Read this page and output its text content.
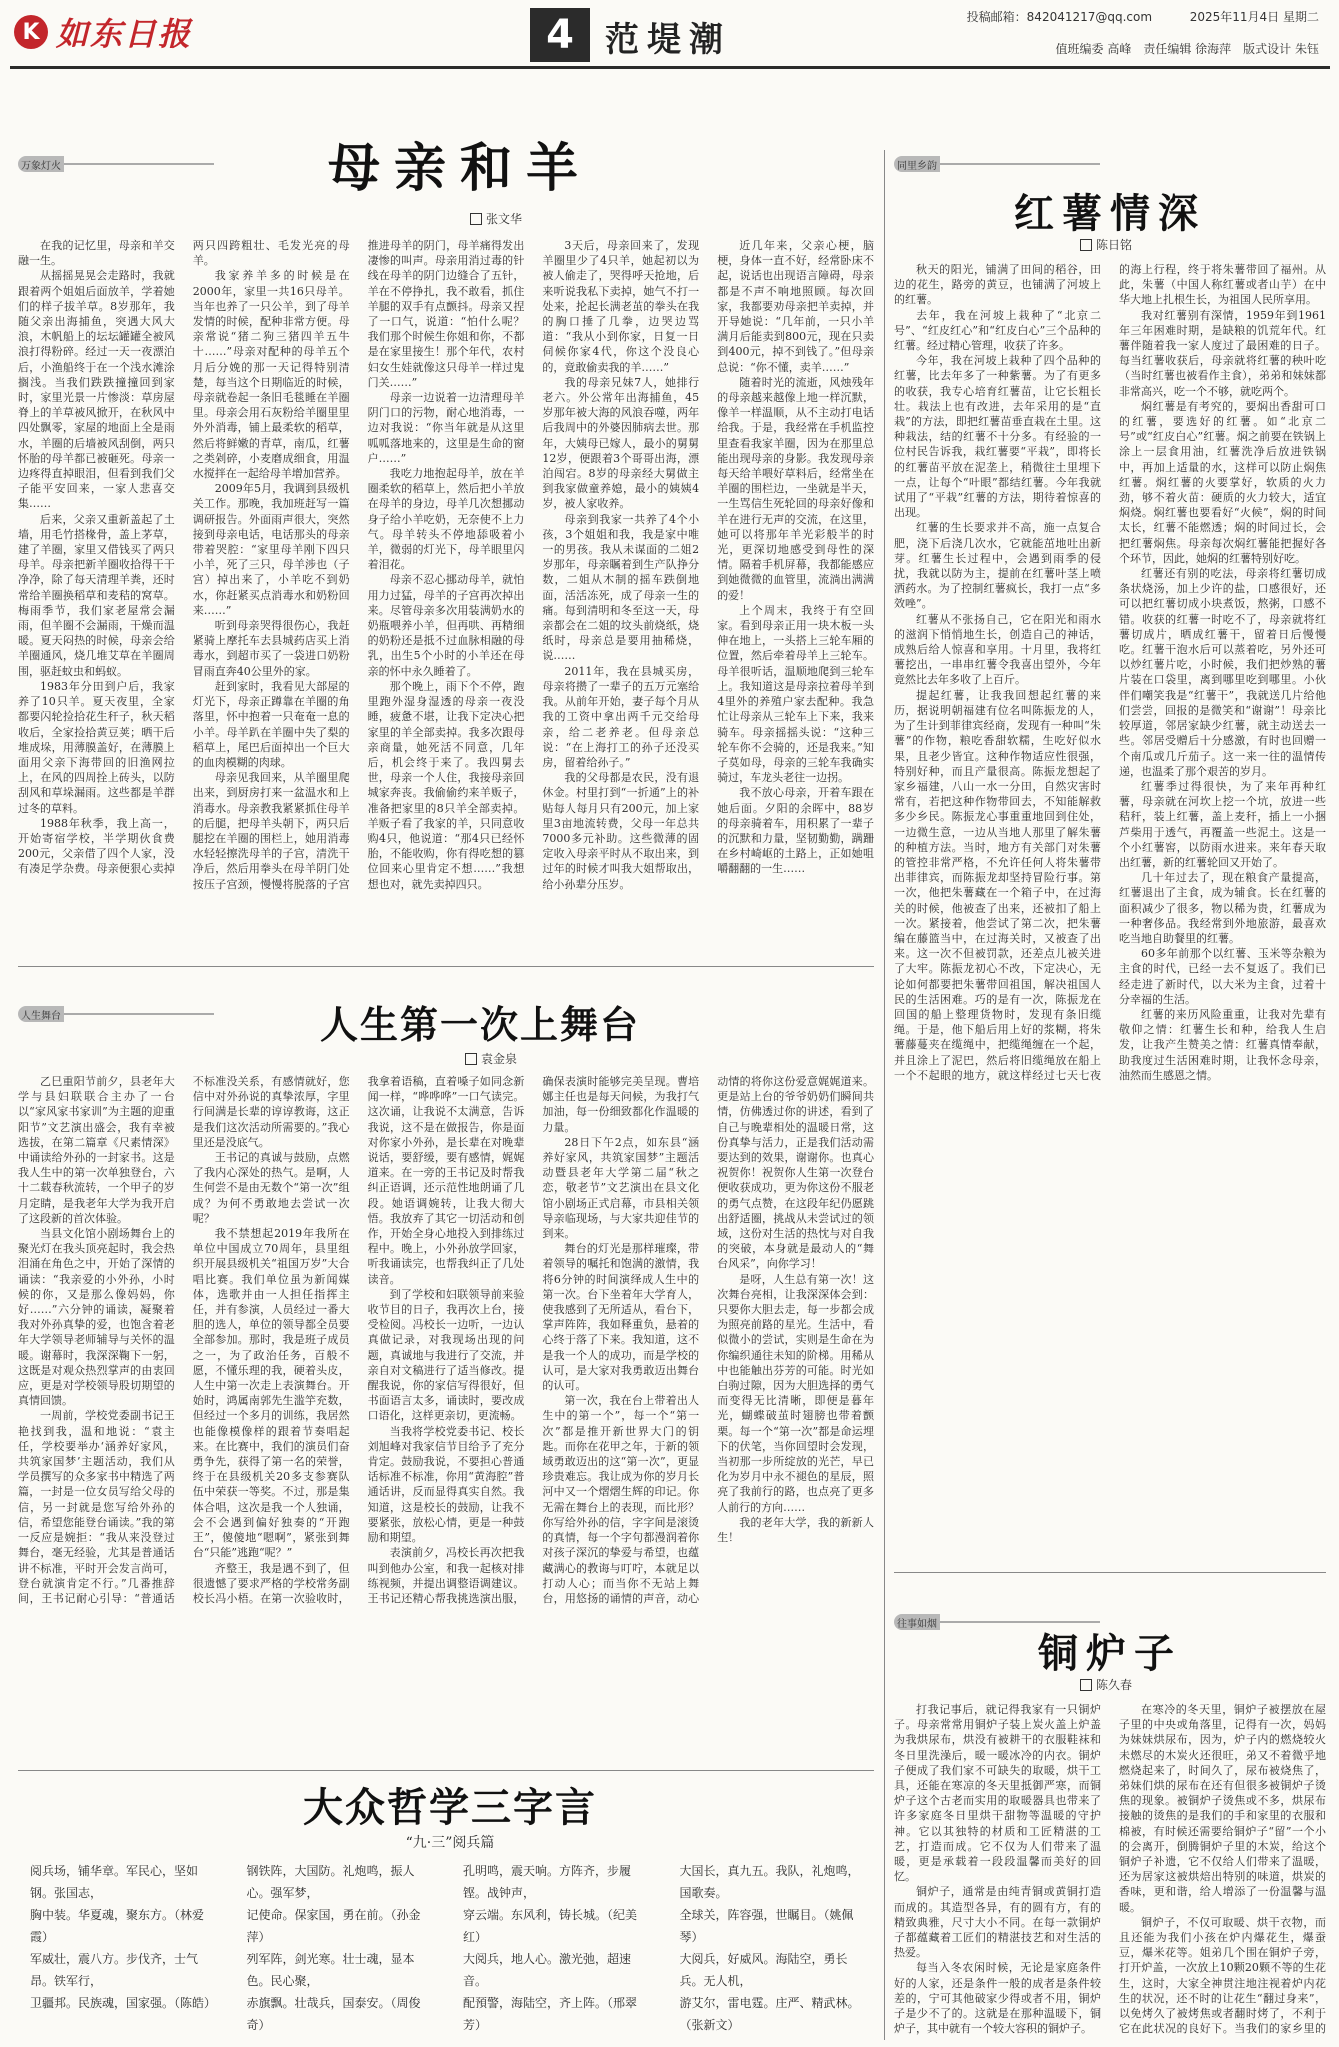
K 如东日报	4 范堤潮
投稿邮箱：842041217@qq.com	2025年11月4日 星期二
值班编委 高峰　责任编辑 徐海萍　版式设计 朱钰
万象灯火	母亲和羊
张文华

在我的记忆里，母亲和羊交融一生。

从摇摇晃晃会走路时，我就跟着两个姐姐后面放羊，学着她们的样子拔羊草。8岁那年，我随父亲出海捕鱼，突遇大风大浪，木帆船上的坛坛罐罐全被风浪打得粉碎。经过一天一夜漂泊后，小渔船终于在一个浅水滩涂搁浅。当我们跌跌撞撞回到家时，家里光景一片惨淡：草房屋脊上的羊草被风掀开，在秋风中四处飘零，家屋的地面上全是雨水，羊圈的后墙被风刮倒，两只怀胎的母羊都已被砸死。母亲一边疼得直掉眼泪，但看到我们父子能平安回来，一家人悲喜交集……

后来，父亲又重新盖起了土墙，用毛竹搭椽骨，盖上茅草，建了羊圈，家里又借钱买了两只母羊。母亲把新羊圈收拾得干干净净，除了每天清理羊粪，还时常给羊圈换稻草和麦秸的窝草。梅雨季节，我们家老屋常会漏雨，但羊圈不会漏雨，干燥而温暖。夏天闷热的时候，母亲会给羊圈通风，烧几堆艾草在羊圈周围，驱赶蚊虫和蚂蚁。

1983年分田到户后，我家养了10只羊。夏天夜里，全家都要闪轮捡拾花生秆子，秋天稻收后，全家捡拾黄豆荚；晒干后堆成垛，用薄膜盖好，在薄膜上面用父亲下海带回的旧渔网拉上，在风的四周拴上砖头，以防刮风和草垛漏雨。这些都是羊群过冬的草料。

1988年秋季，我上高一，开始寄宿学校，半学期伙食费200元，父亲借了四个人家，没有凑足学杂费。母亲便狠心卖掉两只四跨粗壮、毛发光亮的母羊。

我家养羊多的时候是在2000年，家里一共16只母羊。当年也养了一只公羊，到了母羊发情的时候，配种非常方便。母亲常说“猪二狗三猪四羊五牛十……”母亲对配种的母羊五个月后分娩的那一天记得特别清楚，每当这个日期临近的时候，母亲就卷起一条旧毛毯睡在羊圈里。母亲会用石灰粉给羊圈里里外外消毒，铺上最柔软的稻草，然后将鲜嫩的青草，南瓜，红薯之类剁碎，小麦磨成细食，用温水搅拌在一起给母羊增加营养。

2009年5月，我调到县级机关工作。那晚，我加班赶写一篇调研报告。外面雨声很大，突然接到母亲电话，电话那头的母亲带着哭腔：“家里母羊刚下四只小羊，死了三只，母羊涉也（子宫）掉出来了，小羊吃不到奶水，你赶紧买点消毒水和奶粉回来……”

听到母亲哭得很伤心，我赶紧骑上摩托车去县城药店买上消毒水，到超市买了一袋进口奶粉冒雨直奔40公里外的家。

赶到家时，我看见大部屋的灯光下，母亲正蹲靠在羊圈的角落里，怀中抱着一只奄奄一息的小羊。母羊趴在羊圈中失了梨的稻草上，尾巴后面掉出一个巨大的血肉模糊的肉球。

母亲见我回来，从羊圈里爬出来，到厨房打来一盆温水和上消毒水。母亲教我紧紧抓住母羊的后腿，把母羊头朝下，两只后腿挖在羊圈的围栏上，她用消毒水轻轻擦洗母羊的子宫，清洗干净后，然后用拳头在母羊阴门处按压子宫颈，慢慢将脱落的子宫推进母羊的阴门，母羊痛得发出凄惨的叫声。母亲用消过毒的针线在母羊的阴门边缝合了五针，羊在不停挣扎，我不敢看，抓住羊腿的双手有点颤抖。母亲又捏了一口气，说道：“怕什么呢？我们那个时候生你姐和你，不都是在家里接生！那个年代，农村妇女生娃就像这只母羊一样过鬼门关……”

母亲一边说着一边清理母羊阴门口的污物，耐心地消毒，一边对我说：“你当年就是从这里呱呱落地来的，这里是生命的窗户……”

我吃力地抱起母羊，放在羊圈柔软的稻草上，然后把小羊放在母羊的身边，母羊几次想挪动身子给小羊吃奶，无奈使不上力气。母羊转头不停地舔吸着小羊，微弱的灯光下，母羊眼里闪着泪花。

母亲不忍心挪动母羊，就怕用力过猛，母羊的子宫再次掉出来。尽管母亲多次用装满奶水的奶瓶喂养小羊，但再哄、再精细的奶粉还是抵不过血脉相融的母乳，出生5个小时的小羊还在母亲的怀中永久睡着了。

那个晚上，雨下个不停，跑里跑外湿身湿透的母亲一夜没睡，疲惫不堪，让我下定决心把家里的羊全部卖掉。我多次跟母亲商量，她死活不同意，几年后，机会终于来了。我四舅去世，母亲一个人住，我接母亲回城家奔丧。我偷偷约来羊贩子，准备把家里的8只羊全部卖掉。羊贩子看了我家的羊，只同意收购4只，他说道：“那4只已经怀胎，不能收购，你有得吃想的篡位回来心里肯定不想……”我想想也对，就先卖掉四只。

3天后，母亲回来了，发现羊圈里少了4只羊，她起初以为被人偷走了，哭得呼天抢地，后来听说我私下卖掉，她气不打一处来，抡起长满老茧的拳头在我的胸口捶了几拳，边哭边骂道：“我从小到你家，日复一日伺候你家4代，你这个没良心的，竟敢偷卖我的羊……”

我的母亲兄妹7人，她排行老六。外公常年出海捕鱼，45岁那年被大海的风浪吞噬，两年后我周中的外婆因肺病去世。那年，大姨母已嫁人，最小的舅舅12岁，便跟着3个哥哥出海，漂泊闯宕。8岁的母亲经大舅做主到我家做童养媳，最小的姨姨4岁，被人家收养。

母亲到我家一共养了4个小孩，3个姐姐和我，我是家中唯一的男孩。我从未谋面的二姐2岁那年，母亲瞩着到生产队挣分数，二姐从木制的摇车跌倒地面，活活冻死，成了母亲一生的痛。每到清明和冬至这一天，母亲都会在二姐的坟头前烧纸，烧纸时，母亲总是要用抽稀烧，说……

2011年，我在县城买房，母亲将攒了一辈子的五万元塞给我。从前年开始，妻子每个月从我的工资中拿出两千元交给母亲，给二老养老。但母亲总说：“在上海打工的孙子还没买房，留着给孙子。”

我的父母都是农民，没有退休金。村里打到“一折通”上的补贴每人每月只有200元，加上家里3亩地流转费，父母一年总共7000多元补助。这些微薄的固定收入母亲平时从不取出来，到过年的时候才叫我大姐帮取出，给小孙辈分压岁。

近几年来，父亲心梗，脑梗，身体一直不好，经常卧床不起，说话也出现语言障碍，母亲都是不声不响地照顾。每次回家，我都要劝母亲把羊卖掉，并开导她说：“几年前，一只小羊满月后能卖到800元，现在只卖到400元，掉不到钱了。”但母亲总说：“你不懂，卖羊……”

随着时光的流逝，风烛残年的母亲越来越像上地一样沉默，像羊一样温顺，从不主动打电话给我。于是，我经常在手机监控里查看我家羊圈，因为在那里总能出现母亲的身影。我发现母亲每天给羊喂好草料后，经常坐在羊圈的围栏边，一坐就是半天，一生骂信生死轮回的母亲好像和羊在进行无声的交流，在这里，她可以将那年羊光彩般半的时光，更深切地感受到母性的深情。隔着手机屏幕，我都能感应到她微微的血管里，流淌出满满的爱！

上个周末，我终于有空回家。看到母亲正用一块木板一头伸在地上，一头搭上三轮车厢的位置，然后牵着母羊上三轮车。母羊很听话，温顺地爬到三轮车上。我知道这是母亲拉着母羊到4里外的养殖户家去配种。我急忙让母亲从三轮车上下来，我来骑车。母亲摇摇头说：“这种三轮车你不会骑的，还是我来。”知子莫如母，母亲的三轮车我确实骑过，车龙头老往一边拐。

我不放心母亲，开着车跟在她后面。夕阳的余晖中，88岁的母亲骑着车，用积累了一辈子的沉默和力量，坚韧勤勤，蹒跚在乡村崎岖的土路上，正如她咀嚼翻翻的一生……

人生舞台	人生第一次上舞台
袁金泉

乙巳重阳节前夕，县老年大学与县妇联联合主办了一台以“家风家书家训”为主题的迎重阳节”文艺演出盛会，我有幸被选拔，在第二篇章《尺素情深》中诵读给外孙的一封家书。这是我人生中的第一次单独登台，六十二载春秋流转，一个甲子的岁月定睛，是我老年大学为我开启了这段新的首次体验。

当县文化馆小剧场舞台上的聚光灯在我头顶亮起时，我会热泪涌在角色之中，开始了深情的诵读：“我亲爱的小外孙，小时候的你，又是那么像妈妈，你好……”六分钟的诵读，凝聚着我对外孙真挚的爱，也饱含着老年大学领导老师辅导与关怀的温暖。谢幕时，我深深鞠下一躬，这既是对观众热烈掌声的由衷回应，更是对学校领导股切期望的真情回馈。

一周前，学校党委副书记王艳找到我，温和地说：“袁主任，学校要举办‘涵养好家风，共筑家国梦’主题活动，我们从学员撰写的众多家书中精选了两篇，一封是一位女员写给父母的信，另一封就是您写给外孙的信，希望您能登台诵读。”我的第一反应是婉拒：“我从来没登过舞台，毫无经验，尤其是普通话讲不标准，平时开会发言尚可，登台就演肯定不行。”几番推辞间，王书记耐心引导：“普通话不标准没关系，有感情就好，您信中对外孙说的真挚浓厚，字里行间满是长辈的谆谆教诲，这正是我们这次活动所需要的。”我心里还是没底气。

王书记的真诚与鼓励，点燃了我内心深处的热气。是啊，人生何尝不是由无数个“第一次”组成？为何不勇敢地去尝试一次呢？

我不禁想起2019年我所在单位中国成立70周年，县里组织开展县级机关“祖国万岁”大合唱比赛。我们单位虽为新闻媒体，选歌并由一人担任指挥主任，并有参演，人员经过一番大胆的选人，单位的领导都全员要全部参加。那时，我是班子成员之一，为了政治任务，百般不愿，不懂乐理的我，硬着头皮，人生中第一次走上表演舞台。开始时，鸿属南郭先生滥竽充数，但经过一个多月的训练，我居然也能像模像样的跟着节奏唱起来。在比赛中，我们的演员们奋勇争先，获得了第一名的荣誉，终于在县级机关20多支参赛队伍中荣获一等奖。不过，那是集体合唱，这次是我一个人独诵，会不会遇到偏好独奏的“开跑王”，傻傻地“嗯啊”，紧张到舞台“只能”逃跑“呢？”

齐整王，我是遇不到了，但很遗憾了要求严格的学校常务副校长冯小梧。在第一次验收时，我拿着语稿，直着嗓子如同念新闻一样，“哗哗哗”一口气读完。这次诵，让我说不太满意，告诉我说，这不是在做报告，你是面对你家小外孙，是长辈在对晚辈说话，要舒缓，要有感情，娓娓道来。在一旁的王书记及时帮我纠正语调，还示范性地朗诵了几段。她语调婉转，让我大彻大悟。我放弃了其它一切活动和创作，开始全身心地投入到排练过程中。晚上，小外孙放学回家，听我诵读完，也帮我纠正了几处读音。

到了学校和妇联领导前来验收节目的日子，我再次上台，接受检阅。冯校长一边听，一边认真做记录，对我现场出现的问题，真诚地与我进行了交流，并亲自对文稿进行了适当修改。提醒我说，你的家信写得很好，但书面语言太多，诵读时，要改成口语化，这样更亲切，更流畅。

当我将学校党委书记、校长刘旭峰对我家信节目给予了充分肯定。鼓励我说，不要担心普通话标准不标准，你用“黄海腔”普通话讲，反而显得真实自然。我知道，这是校长的鼓励，让我不要紧张，放松心情，更是一种鼓励和期望。

表演前夕，冯校长再次把我叫到他办公室，和我一起核对排练视频，并提出调整语调建议。王书记还精心帮我挑选演出服，确保表演时能够完美呈现。曹培娜主任也是每天问候，为我打气加油，每一份细致都化作温暖的力量。

28日下午2点，如东县“涵养好家风，共筑家国梦”主题活动暨县老年大学第二届“秋之恋，敬老节”文艺演出在县文化馆小剧场正式启幕，市县相关领导亲临现场，与大家共迎佳节的到来。

舞台的灯光是那样璀璨，带着领导的嘱托和饱满的激情，我将6分钟的时间演绎成人生中的第一次。台下坐着年大学育人，使我感到了无所适从，看台下，掌声阵阵，我如释重负，悬着的心终于落了下来。我知道，这不是我一个人的成功，而是学校的认可，是大家对我勇敢迈出舞台的认可。

第一次，我在台上带着出人生中的第一个”，每一个“第一次”都是推开新世界大门的钥匙。而你在花甲之年，于新的领域勇敢迈出的这“第一次”，更显珍贵难忘。我让成为你的岁月长河中又一个熠熠生辉的印记。你无需在舞台上的表现，而比形？你写给外孙的信，字字间是滚烫的真情，每一个字句都漫润着你对孩子深沉的挚爱与希望，也蕴藏满心的教诲与叮咛，本就足以打动人心；而当你不无站上舞台，用悠扬的诵情的声音，动心动情的将你这份爱意娓娓道来。更是站上台的爷爷奶奶们瞬间共情，仿佛透过你的讲述，看到了自己与晚辈相处的温暖日常，这份真挚与活力，正是我们活动需要达到的效果，谢谢你。也真心祝贺你！祝贺你人生第一次登台便收获成功，更为你这份不服老的勇气点赞，在这段年纪仍愿跳出舒适圈，挑战从未尝试过的领域，这份对生活的热忱与对自我的突破，本身就是最动人的“舞台风采”，向你学习！

是呀，人生总有第一次！这次舞台亮相，让我深深体会到：只要你大胆去走，每一步都会成为照亮前路的星光。生活中，看似微小的尝试，实则是生命在为你编织通往未知的阶梯。用稀从中也能触出芬芳的可能。时光如白驹过隙，因为大胆选择的勇气而变得无比清晰，即便是暮年光，蝴蝶破茧时翅膀也带着颤栗。每一个“第一次”都是命运埋下的伏笔，当你回望时会发现，当初那一步所绽放的光芒，早已化为岁月中永不褪色的星辰，照亮了我前行的路，也点亮了更多人前行的方向……

我的老年大学，我的新新人生！

大众哲学三字言
“九·三”阅兵篇

阅兵场，铺华章。军民心，坚如钢。张国志，

胸中装。华夏魂，聚东方。（林爱霞）

军威壮，震八方。步伐齐，士气昂。铁军行，

卫疆邦。民族魂，国家强。（陈皓）

钢铁阵，大国防。礼炮鸣，振人心。强军梦，

记使命。保家国，勇在前。（孙金萍）

列军阵，剑光寒。壮士魂，显本色。民心聚，

赤旗飘。壮哉兵，国泰安。（周俊奇）

孔明鸣，震天响。方阵齐，步履铿。战钟声，

穿云端。东风利，铸长城。（纪美红）

大阅兵，地人心。激光弛，超速音。

配預警，海陆空，齐上阵。（邢翠芳）

大国长，真九五。我队，礼炮鸣，国歌奏。

全球关，阵容强，世瞩目。（姚佩琴）

大阅兵，好威风。海陆空，勇长兵。无人机，

游艾尔，雷电霆。庄严、精武林。（张新文）

同里乡韵
红薯情深
陈日铭

秋天的阳光，铺满了田间的稻谷，田边的花生，路旁的黄豆，也铺满了河坡上的红薯。

去年，我在河坡上栽种了“北京二号”、“红皮红心”和“红皮白心”三个品种的红薯。经过精心管理，收获了许多。

今年，我在河坡上栽种了四个品种的红薯，比去年多了一种紫薯。为了有更多的收获，我专心培育红薯苗，让它长粗长壮。栽法上也有改进，去年采用的是“直栽”的方法，即把红薯苗垂直栽在土里。这种栽法，结的红薯不十分多。有经验的一位村民告诉我，栽红薯要“平栽”，即将长的红薯苗平放在泥垄上，稍微往土里埋下一点，让每个“叶眼”都结红薯。今年我就试用了“平栽”红薯的方法，期待着惊喜的出现。

红薯的生长要求并不高，施一点复合肥，浇下后浇几次水，它就能茁地吐出新芽。红薯生长过程中，会遇到雨季的侵扰，我就以防为主，提前在红薯叶茎上喷洒药水。为了控制红薯疯长，我打一点“多效唑”。

红薯从不张扬自己，它在阳光和雨水的滋润下悄悄地生长，创造自己的神话，成熟后给人惊喜和享用。十月里，我将红薯挖出，一串串红薯令我喜出望外，今年竟然比去年多收了上百斤。

提起红薯，让我我回想起红薯的来历，据说明朝福建有位名叫陈振龙的人，为了生计到菲律宾经商，发现有一种叫“朱薯”的作物，粮吃香甜软糯，生吃好似水果，且老少皆宜。这种作物适应性很强，特别好种，而且产量很高。陈振龙想起了家乡福建，八山一水一分田，自然灾害时常有，若把这种作物带回去，不知能解救多少乡民。陈振龙心事重重地回到住处，一边微生意，一边从当地人那里了解朱薯的种植方法。当时，地方有关部门对朱薯的管控非常严格，不允许任何人将朱薯带出菲律宾，而陈振龙却坚持冒险行事。第一次，他把朱薯藏在一个箱子中，在过海关的时候，他被查了出来，还被扣了船上一次。紧接着，他尝试了第二次，把朱薯编在藤篮当中，在过海关时，又被查了出来。这一次不但被罚款，还差点儿被关进了大牢。陈振龙初心不改，下定决心，无论如何都要把朱薯带回祖国，解决祖国人民的生活困难。巧的是有一次，陈振龙在回国的船上整理货物时，发现有条旧缆绳。于是，他下船后用上好的浆糊，将朱薯藤蔓夹在缆绳中，把缆绳缠在一个起，并且涂上了泥巴，然后将旧缆绳放在船上一个不起眼的地方，就这样经过七天七夜的海上行程，终于将朱薯带回了福州。从此，朱薯（中国人称红薯或者山芋）在中华大地上扎根生长，为祖国人民所享用。

我对红薯别有深情，1959年到1961年三年困难时期，是缺粮的饥荒年代。红薯伴随着我一家人度过了最困难的日子。每当红薯收获后，母亲就将红薯的秧叶吃（当时红薯也被看作主食），弟弟和妹妹都非常高兴，吃一个不够，就吃两个。

焖红薯是有考究的，要焖出香甜可口的红薯，要选好的红薯。如“北京二号”或“红皮白心”红薯。焖之前要在铁锅上涂上一层食用油，红薯洗净后放进铁锅中，再加上适量的水，这样可以防止焖焦红薯。焖红薯的火要掌好，软质的火力劲，够不着火苗：硬质的火力较大，适宜焖烧。焖红薯也要看好“火候”，焖的时间太长，红薯不能燃透；焖的时间过长，会把红薯焖焦。母亲每次焖红薯能把握好各个环节，因此，她焖的红薯特别好吃。

红薯还有别的吃法，母亲将红薯切成条状烧汤，加上少许的盐，口感很好，还可以把红薯切成小块煮饭，熬粥，口感不错。收获的红薯一时吃不了，母亲就将红薯切成片，晒成红薯干，留着日后慢慢吃。红薯干泡水后可以蒸着吃，另外还可以炒红薯片吃，小时候，我们把炒熟的薯片装在口袋里，离到哪里吃到哪里。小伙伴们嘲笑我是“红薯干”，我就送几片给他们尝尝，回报的是微笑和“谢谢”！母亲比较厚道，邻居家缺少红薯，就主动送去一些。邻居受赠后十分感激，有时也回赠一个南瓜或几斤茄子。这一来一往的温情传递，也温柔了那个艰苦的岁月。

红薯季过得很快，为了来年再种红薯，母亲就在河坎上挖一个坑，放进一些秸秆，装上红薯，盖上麦秆，插上一小捆芦柴用于透气，再覆盖一些泥土。这是一个小红薯窖，以防雨水进来。来年春天取出红薯，新的红薯轮回又开始了。

几十年过去了，现在粮食产量提高，红薯退出了主食，成为辅食。长在红薯的面积减少了很多，物以稀为贵，红薯成为一种奢侈品。我经常到外地旅游，最喜欢吃当地自助餐里的红薯。

60多年前那个以红薯、玉米等杂粮为主食的时代，已经一去不复返了。我们已经走进了新时代，以大米为主食，过着十分幸福的生活。

红薯的来历风险重重，让我对先辈有敬仰之情：红薯生长和种，给我人生启发，让我产生赞美之情：红薯真情奉献，助我度过生活困难时期，让我怀念母亲，油然而生感恩之情。

往事如烟
铜炉子
陈久春

打我记事后，就记得我家有一只铜炉子。母亲常常用铜炉子装上炭火盖上炉盖为我烘尿布，烘没有被耕干的衣服鞋袜和冬日里洗澡后，暖一暖冰冷的内衣。铜炉子便成了我们家不可缺失的取暖，烘干工具，还能在寒凉的冬天里抵御严寒，而铜炉子这个古老而实用的取暖器具也带来了许多家庭冬日里烘干甜物等温暖的守护神。它以其独特的材质和工匠精湛的工艺，打造而成。它不仅为人们带来了温暖，更是承载着一段段温馨而美好的回忆。

铜炉子，通常是由纯青铜或黄铜打造而成的。其造型各异，有的圆有方，有的精致典雅，尺寸大小不同。在每一款铜炉子都蕴藏着工匠们的精湛技艺和对生活的热爱。

每当入冬农闲时候，无论是家庭条件好的人家，还是条件一般的成者是条件较差的，宁可其他破家少得或者不用，铜炉子是少不了的。这就是在那种温暖下，铜炉子，其中就有一个较大容积的铜炉子。

在寒冷的冬天里，铜炉子被摆放在屋子里的中央或角落里，记得有一次，妈妈为妹妹烘尿布，因为，炉子内的燃烧较火未燃尽的木炭火还很旺，弟又不着微乎地燃烧起来了，时间久了，尿布被烧焦了，弟妹们烘的尿布在还有但很多被铜炉子烫焦的现象。被铜炉子烫焦或不多，烘尿布接触的烫焦的是我们的手和家里的衣服和棉被，有时候还需要给铜炉子“留”一个小的会离开，倒腾铜炉子里的木炭，给这个铜炉子补遗，它不仅给人们带来了温暖，还为居家这被烘焙出特别的味道，烘炭的香味，更和谐，给人增添了一份温馨与温暖。

铜炉子，不仅可取暖、烘干衣物，而且还能为我们小孩在炉内爆花生，爆蚕豆，爆米花等。姐弟几个围在铜炉子旁，打开炉盖，一次放上10颗20颗不等的生花生，这时，大家全神贯注地注视着炉内花生的状况，还不时的让花生“翻过身来”，以免烤久了被烤焦或者翻时烤了，不利于它在此状况的良好下。当我们的家乡里的
